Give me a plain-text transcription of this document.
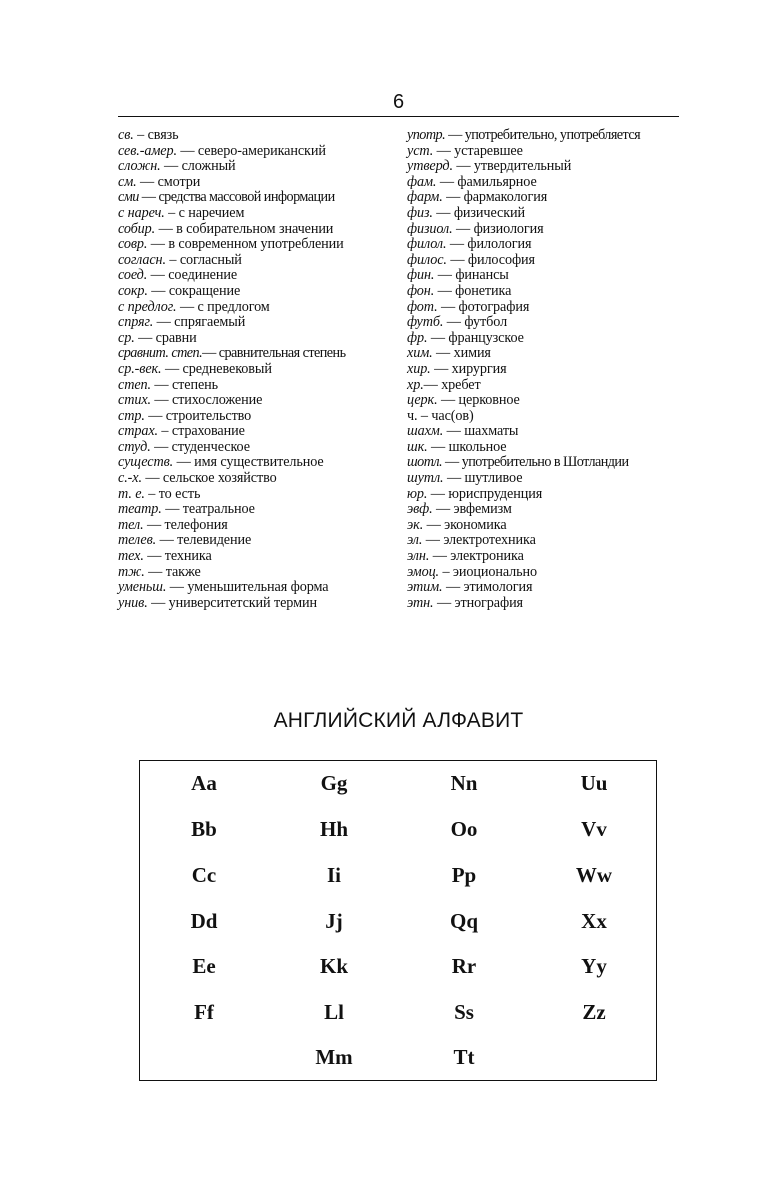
6
св. – связь
сев.-амер. — северо-американский
сложн. — сложный
см. — смотри
сми — средства массовой информации
с нареч. – с наречием
собир. — в собирательном значении
совр. — в современном употреблении
согласн. – согласный
соед. — соединение
сокр. — сокращение
с предлог. — с предлогом
спряг. — спрягаемый
ср. — сравни
сравнит. степ.— сравнительная степень
ср.-век. — средневековый
степ. — степень
стих. — стихосложение
стр. — строительство
страх. – страхование
студ. — студенческое
существ. — имя существительное
с.-х. — сельское хозяйство
т. е. – то есть
театр. — театральное
тел. — телефония
телев. — телевидение
тех. — техника
тж. — также
уменьш. — уменьшительная форма
унив. — университетский термин
употр. — употребительно, употребляется
уст. — устаревшее
утверд. — утвердительный
фам. — фамильярное
фарм. — фармакология
физ. — физический
физиол. — физиология
филол. — филология
филос. — философия
фин. — финансы
фон. — фонетика
фот. — фотография
футб. — футбол
фр. — французское
хим. — химия
хир. — хирургия
хр.— хребет
церк. — церковное
ч. – час(ов)
шахм. — шахматы
шк. — школьное
шотл. — употребительно в Шотландии
шутл. — шутливое
юр. — юриспруденция
эвф. — эвфемизм
эк. — экономика
эл. — электротехника
элн. — электроника
эмоц. – эиоционально
этим. — этимология
этн. — этнография
АНГЛИЙСКИЙ АЛФАВИТ
Aa
Bb
Cc
Dd
Ee
Ff
Gg
Hh
Ii
Jj
Kk
Ll
Mm
Nn
Oo
Pp
Qq
Rr
Ss
Tt
Uu
Vv
Ww
Xx
Yy
Zz
